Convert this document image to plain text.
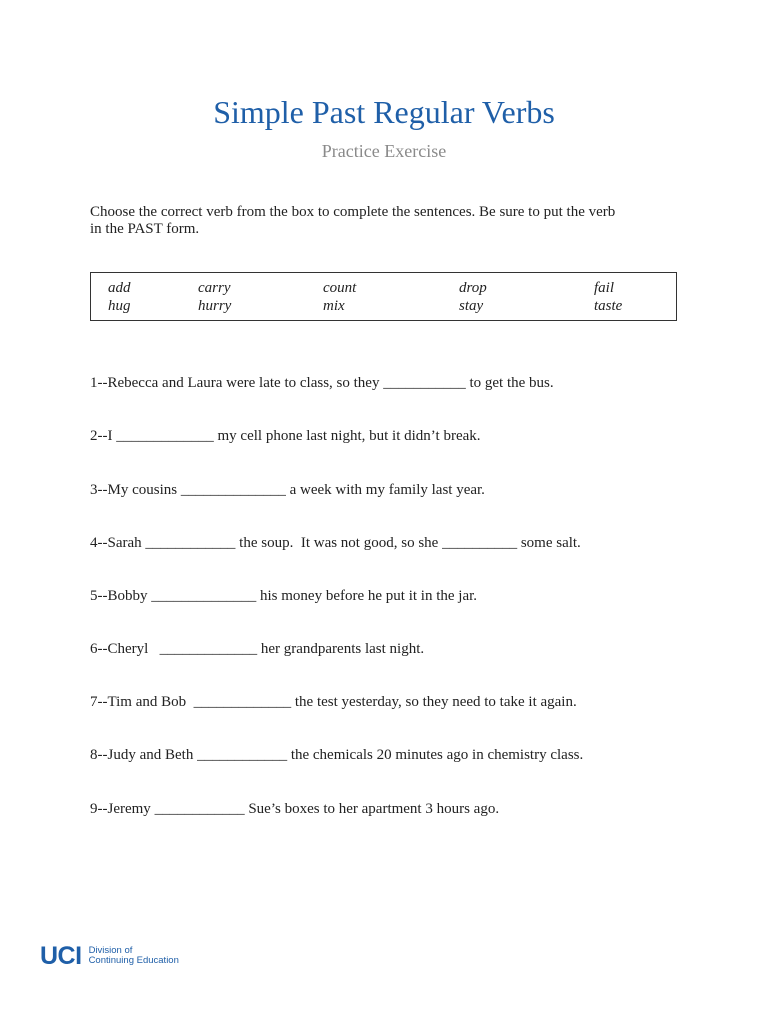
Simple Past Regular Verbs
Practice Exercise
Choose the correct verb from the box to complete the sentences. Be sure to put the verb
in the PAST form.
add	carry	count	drop	fail
hug	hurry	mix	stay	taste
1--Rebecca and Laura were late to class, so they ___________ to get the bus.
2--I _____________ my cell phone last night, but it didn’t break.
3--My cousins ______________ a week with my family last year.
4--Sarah ____________ the soup.  It was not good, so she __________ some salt.
5--Bobby ______________ his money before he put it in the jar.
6--Cheryl   _____________ her grandparents last night.
7--Tim and Bob  _____________ the test yesterday, so they need to take it again.
8--Judy and Beth ____________ the chemicals 20 minutes ago in chemistry class.
9--Jeremy ____________ Sue’s boxes to her apartment 3 hours ago.
UCI Division of
Continuing Education
